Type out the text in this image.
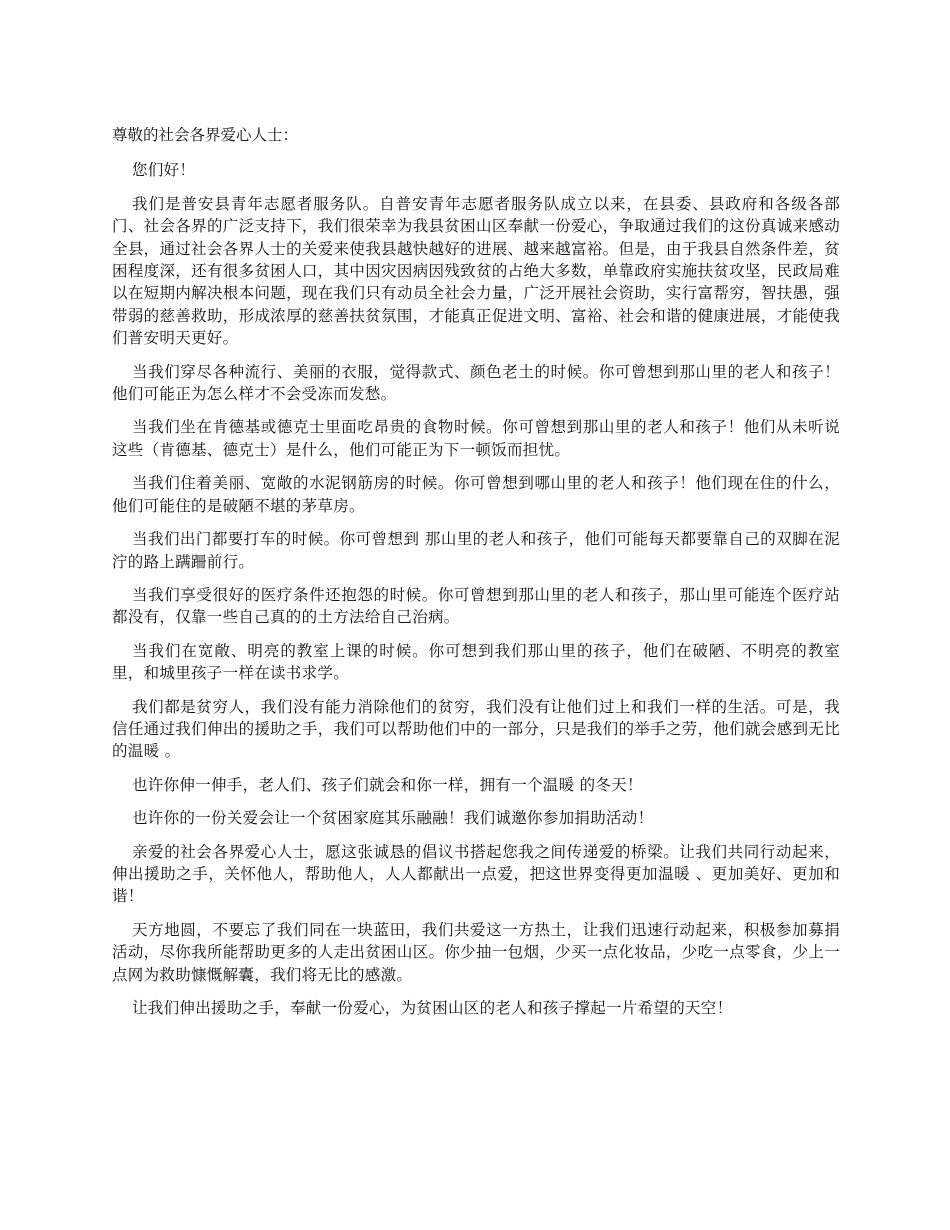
尊敬的社会各界爱心人士：

您们好！

我们是普安县青年志愿者服务队。自普安青年志愿者服务队成立以来，在县委、县政府和各级各部门、社会各界的广泛支持下，我们很荣幸为我县贫困山区奉献一份爱心，争取通过我们的这份真诚来感动全县，通过社会各界人士的关爱来使我县越快越好的进展、越来越富裕。但是，由于我县自然条件差，贫困程度深，还有很多贫困人口，其中因灾因病因残致贫的占绝大多数，单靠政府实施扶贫攻坚，民政局难以在短期内解决根本问题，现在我们只有动员全社会力量，广泛开展社会资助，实行富帮穷，智扶愚，强带弱的慈善救助，形成浓厚的慈善扶贫氛围，才能真正促进文明、富裕、社会和谐的健康进展，才能使我们普安明天更好。

当我们穿尽各种流行、美丽的衣服，觉得款式、颜色老土的时候。你可曾想到那山里的老人和孩子！他们可能正为怎么样才不会受冻而发愁。

当我们坐在肯德基或德克士里面吃昂贵的食物时候。你可曾想到那山里的老人和孩子！他们从未听说这些（肯德基、德克士）是什么，他们可能正为下一顿饭而担忧。

当我们住着美丽、宽敞的水泥钢筋房的时候。你可曾想到哪山里的老人和孩子！他们现在住的什么，他们可能住的是破陋不堪的茅草房。

当我们出门都要打车的时候。你可曾想到 那山里的老人和孩子，他们可能每天都要靠自己的双脚在泥泞的路上蹒跚前行。

当我们享受很好的医疗条件还抱怨的时候。你可曾想到那山里的老人和孩子，那山里可能连个医疗站都没有，仅靠一些自己真的的土方法给自己治病。

当我们在宽敞、明亮的教室上课的时候。你可想到我们那山里的孩子，他们在破陋、不明亮的教室里，和城里孩子一样在读书求学。

我们都是贫穷人，我们没有能力消除他们的贫穷，我们没有让他们过上和我们一样的生活。可是，我信任通过我们伸出的援助之手，我们可以帮助他们中的一部分，只是我们的举手之劳，他们就会感到无比的温暖 。

也许你伸一伸手，老人们、孩子们就会和你一样，拥有一个温暖 的冬天！

也许你的一份关爱会让一个贫困家庭其乐融融！我们诚邀你参加捐助活动！

亲爱的社会各界爱心人士，愿这张诚恳的倡议书搭起您我之间传递爱的桥梁。让我们共同行动起来，伸出援助之手，关怀他人，帮助他人，人人都献出一点爱，把这世界变得更加温暖 、更加美好、更加和谐！

天方地圆，不要忘了我们同在一块蓝田，我们共爱这一方热土，让我们迅速行动起来，积极参加募捐活动，尽你我所能帮助更多的人走出贫困山区。你少抽一包烟，少买一点化妆品，少吃一点零食，少上一点网为救助慷慨解囊，我们将无比的感激。

让我们伸出援助之手，奉献一份爱心，为贫困山区的老人和孩子撑起一片希望的天空！
